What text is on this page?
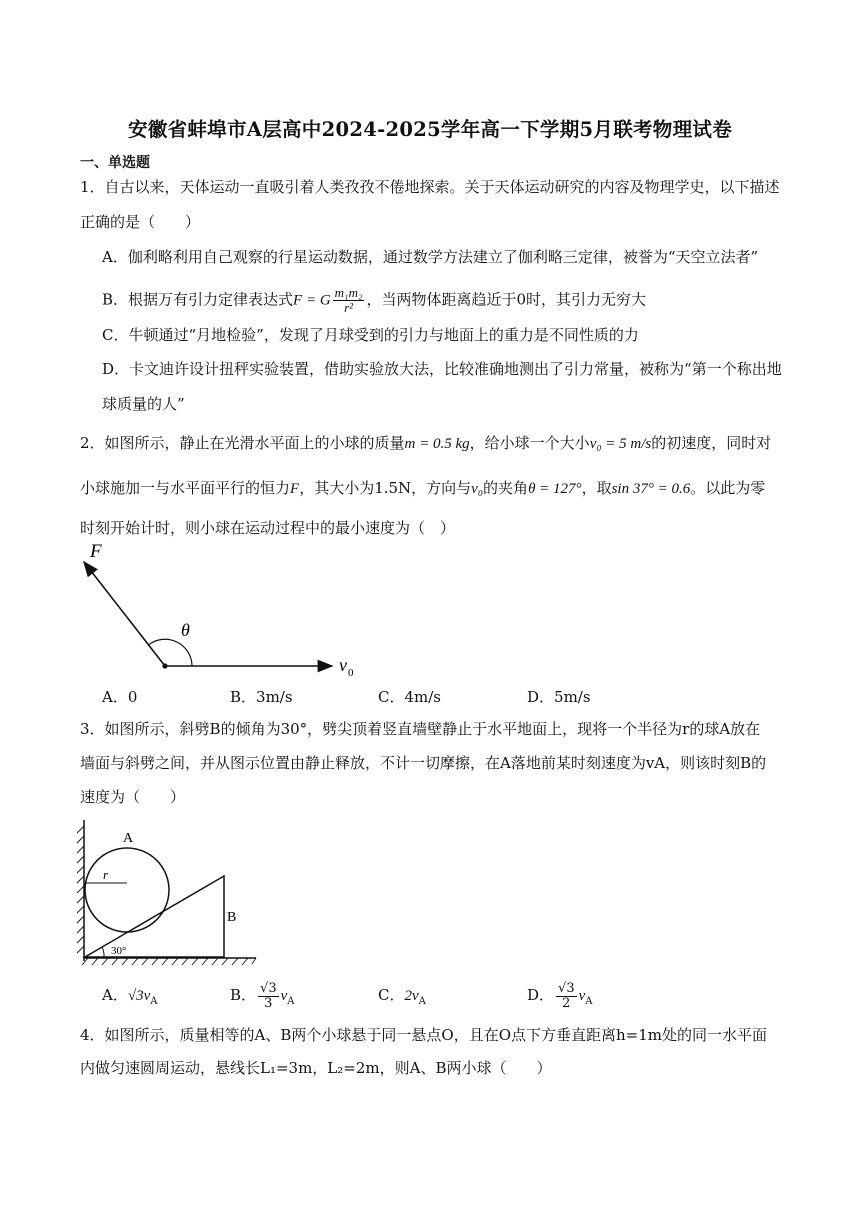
安徽省蚌埠市A层高中2024-2025学年高一下学期5月联考物理试卷
一、单选题
1．自古以来，天体运动一直吸引着人类孜孜不倦地探索。关于天体运动研究的内容及物理学史，以下描述
正确的是（　　）
A．伽利略利用自己观察的行星运动数据，通过数学方法建立了伽利略三定律，被誉为“天空立法者”
B．根据万有引力定律表达式F = G $\frac{\text{m₁m₂}}{\text{r²}}$ ，当两物体距离趋近于0时，其引力无穷大
C．牛顿通过“月地检验”，发现了月球受到的引力与地面上的重力是不同性质的力
D．卡文迪许设计扭秤实验装置，借助实验放大法，比较准确地测出了引力常量，被称为“第一个称出地
球质量的人”
2．如图所示，静止在光滑水平面上的小球的质量m = 0.5 kg，给小球一个大小v₀ = 5 m/s的初速度，同时对
小球施加一与水平面平行的恒力F，其大小为1.5N，方向与v₀的夹角θ = 127°，取sin 37° = 0.6。以此为零
时刻开始计时，则小球在运动过程中的最小速度为（　）
F
θ
v 0
A．0	B．3m/s	C．4m/s	D．5m/s
3．如图所示，斜劈B的倾角为30°，劈尖顶着竖直墙壁静止于水平地面上，现将一个半径为r的球A放在
墙面与斜劈之间，并从图示位置由静止释放，不计一切摩擦，在A落地前某时刻速度为vA，则该时刻B的
速度为（　　）
A
B
r
30°
A．$√3v_A$	B． $\frac{√3}{3} v_A$	C．$2v_A$	D． $\frac{√3}{2} v_A$
4．如图所示，质量相等的A、B两个小球悬于同一悬点O，且在O点下方垂直距离h=1m处的同一水平面
内做匀速圆周运动，悬线长L₁=3m，L₂=2m，则A、B两小球（　　）
